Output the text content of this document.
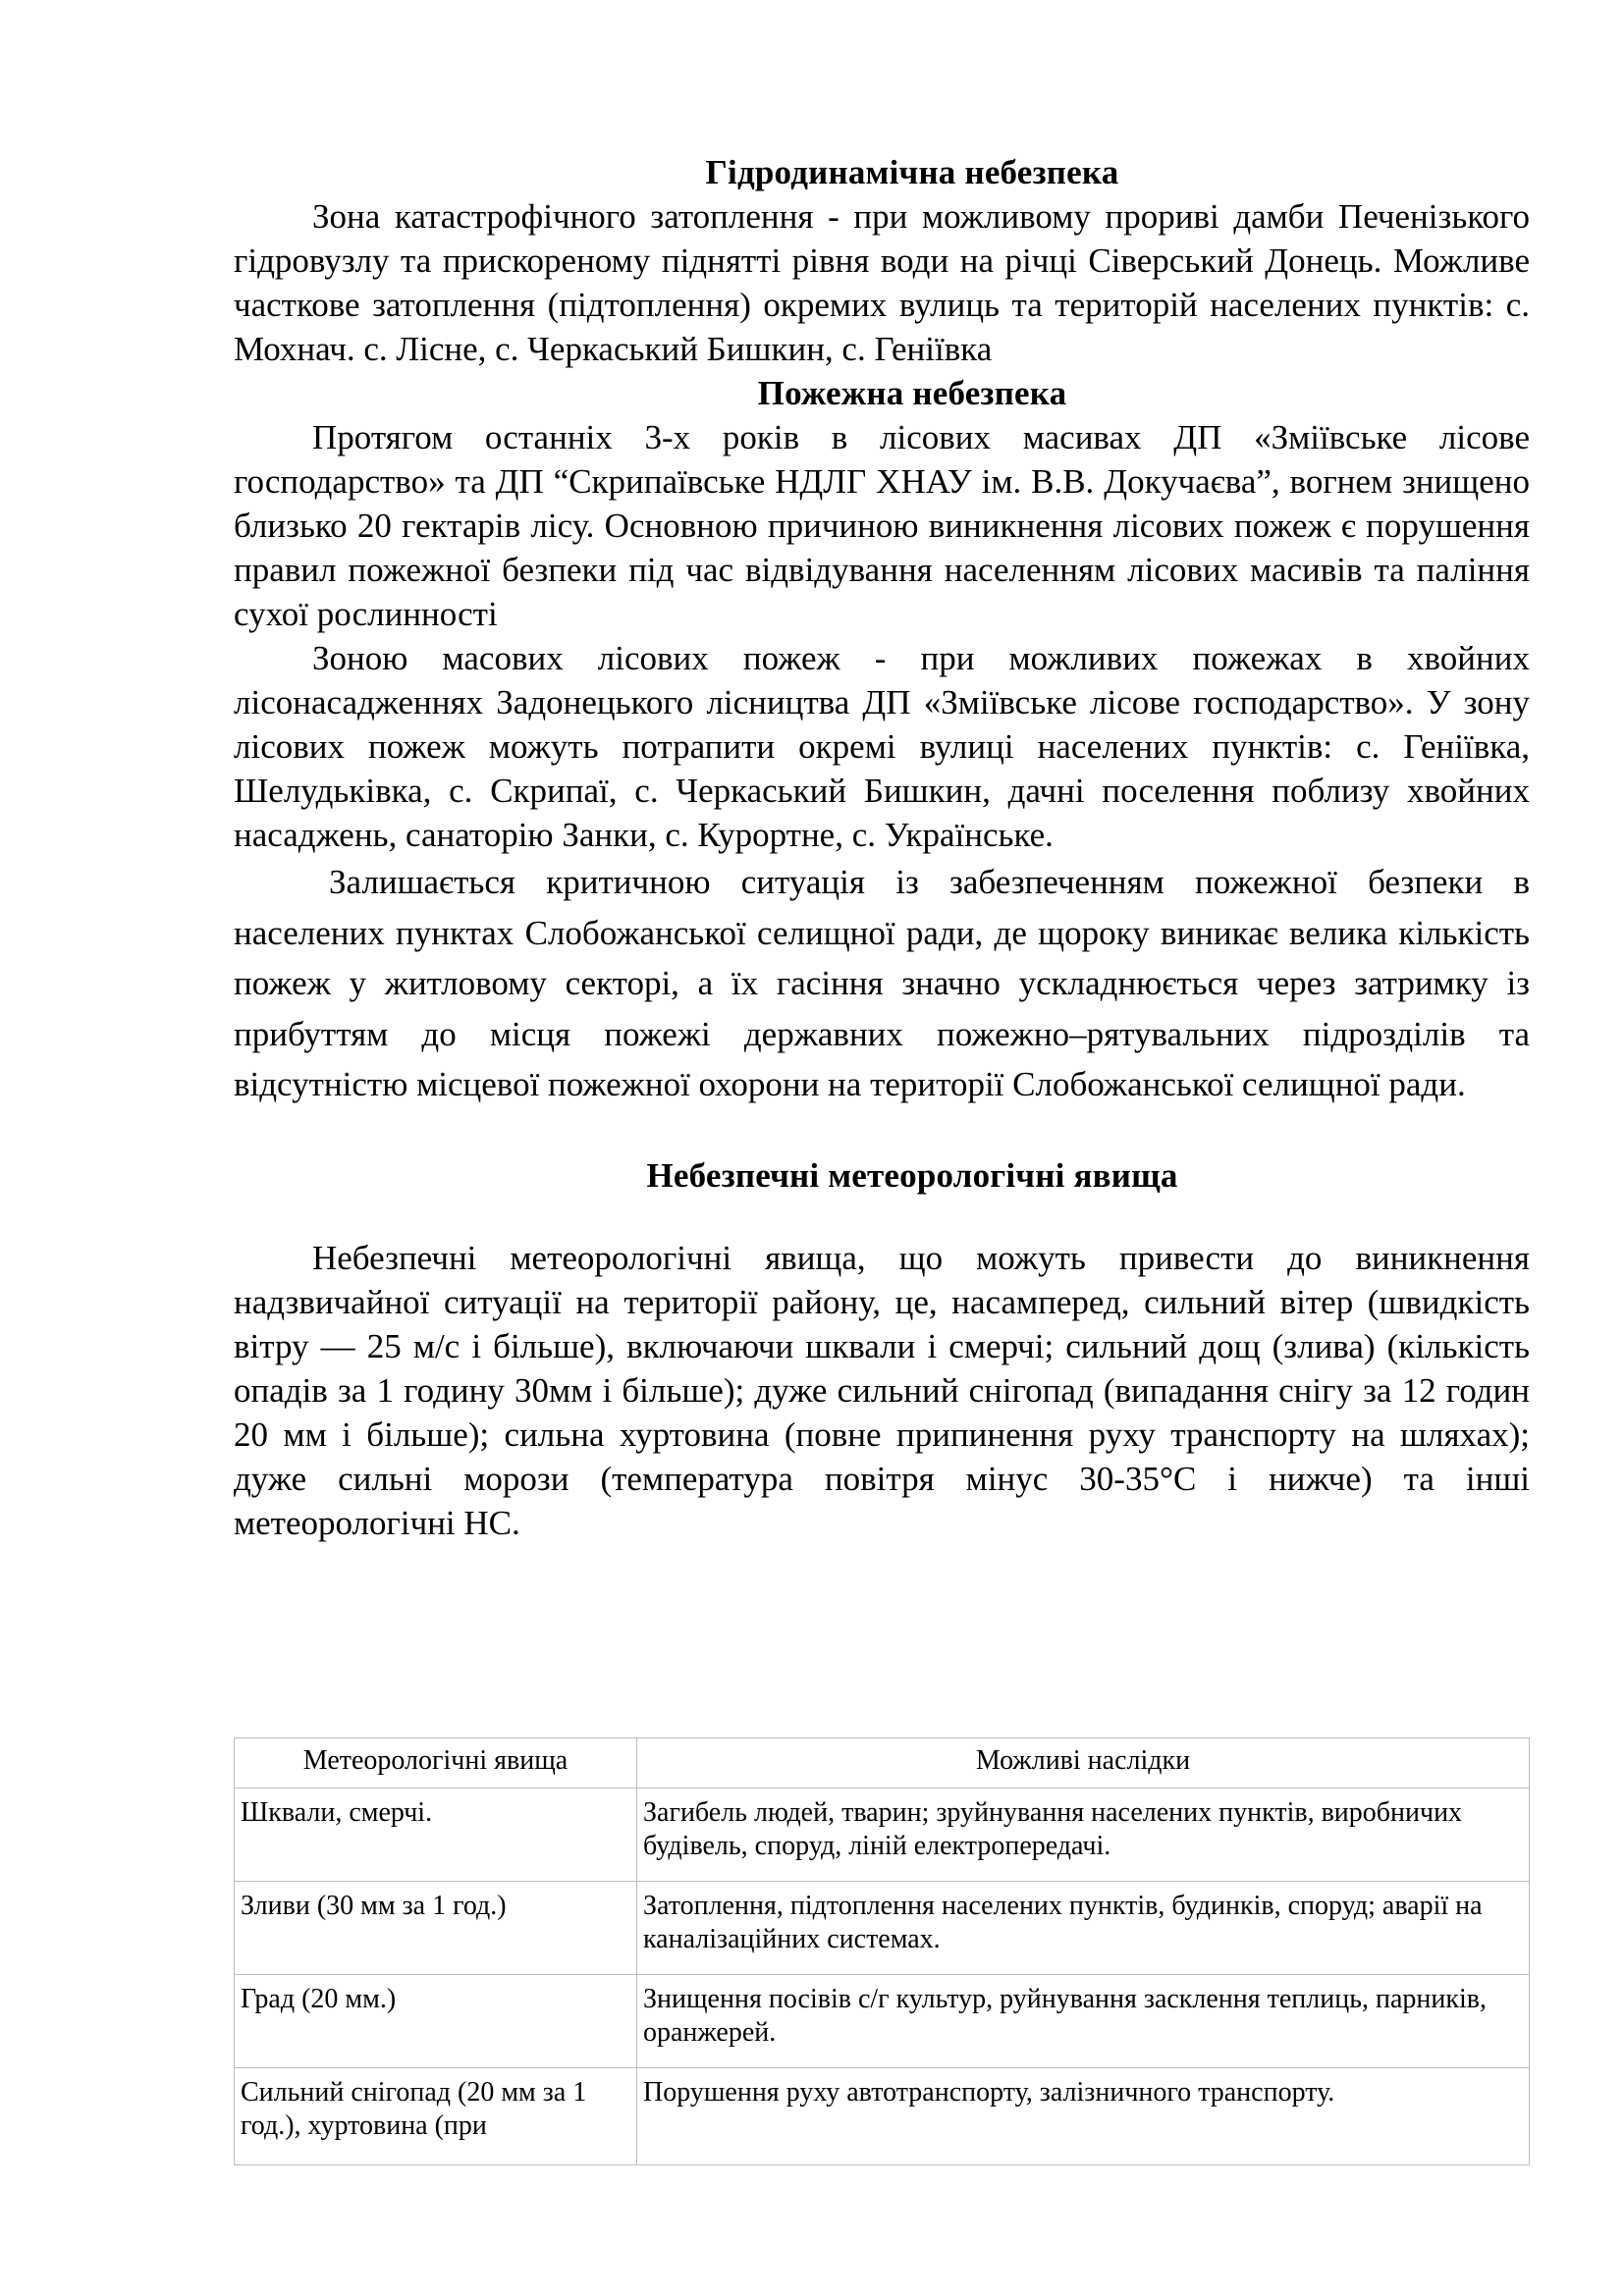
Гідродинамічна небезпека

Зона катастрофічного затоплення - при можливому прориві дамби Печенізького гідровузлу та прискореному піднятті рівня води на річці Сіверський Донець. Можливе часткове затоплення (підтоплення) окремих вулиць та територій населених пунктів: с. Мохнач. с. Лісне, с. Черкаський Бишкин, с. Геніївка

Пожежна небезпека

Протягом останніх 3-х років в лісових масивах ДП «Зміївське лісове господарство» та ДП “Скрипаївське НДЛГ ХНАУ ім. В.В. Докучаєва”, вогнем знищено близько 20 гектарів лісу. Основною причиною виникнення лісових пожеж є порушення правил пожежної безпеки під час відвідування населенням лісових масивів та паління сухої рослинності

Зоною масових лісових пожеж - при можливих пожежах в хвойних лісонасадженнях Задонецького лісництва ДП «Зміївське лісове господарство». У зону лісових пожеж можуть потрапити окремі вулиці населених пунктів: с. Геніївка, Шелудьківка, с. Скрипаї, с. Черкаський Бишкин, дачні поселення поблизу хвойних насаджень, санаторію Занки, с. Курортне, с. Українське.

Залишається критичною ситуація із забезпеченням пожежної безпеки в населених пунктах Слобожанської селищної ради, де щороку виникає велика кількість пожеж у житловому секторі, а їх гасіння значно ускладнюється через затримку із прибуттям до місця пожежі державних пожежно–рятувальних підрозділів та відсутністю місцевої пожежної охорони на території Слобожанської селищної ради.

Небезпечні метеорологічні явища

Небезпечні метеорологічні явища, що можуть привести до виникнення надзвичайної ситуації на території району, це, насамперед, сильний вітер (швидкість вітру — 25 м/с і більше), включаючи шквали і смерчі; сильний дощ (злива) (кількість опадів за 1 годину 30мм і більше); дуже сильний снігопад (випадання снігу за 12 годин 20 мм і більше); сильна хуртовина (повне припинення руху транспорту на шляхах); дуже сильні морози (температура повітря мінус 30-35°С і нижче) та інші метеорологічні НС.

Метеорологічні явища	Можливі наслідки
Шквали, смерчі.	Загибель людей, тварин; зруйнування населених пунктів, виробничих будівель, споруд, ліній електропередачі.
Зливи (30 мм за 1 год.)	Затоплення, підтоплення населених пунктів, будинків, споруд; аварії на каналізаційних системах.
Град (20 мм.)	Знищення посівів с/г культур, руйнування засклення теплиць, парників, оранжерей.
Сильний снігопад (20 мм за 1 год.), хуртовина (при	Порушення руху автотранспорту, залізничного транспорту.
